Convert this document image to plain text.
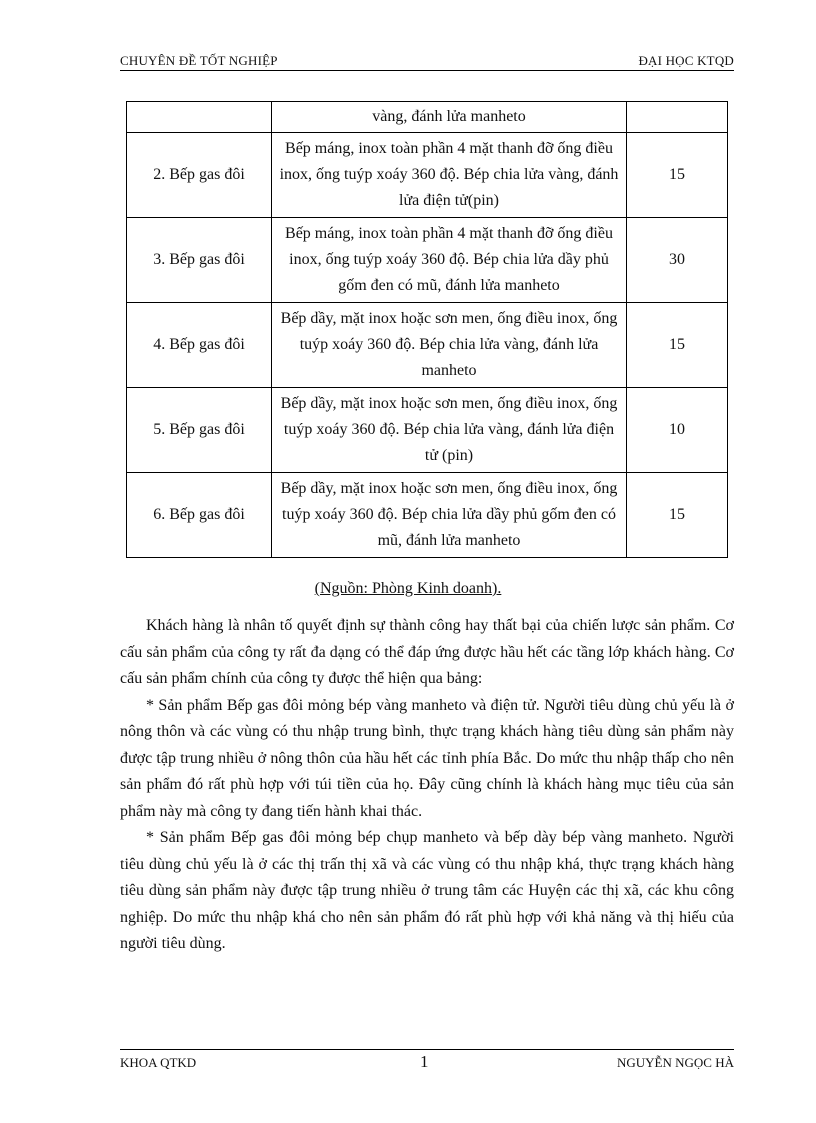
CHUYÊN ĐỀ TỐT NGHIỆP	ĐẠI HỌC KTQD
	vàng, đánh lửa manheto	
2. Bếp gas đôi	Bếp máng, inox toàn phần 4 mặt thanh đỡ ống điều inox, ống tuýp xoáy 360 độ. Bép chia lửa vàng, đánh lửa điện tử(pin)	15
3. Bếp gas đôi	Bếp máng, inox toàn phần 4 mặt thanh đỡ ống điều inox, ống tuýp xoáy 360 độ. Bép chia lửa dầy phủ gốm đen có mũ, đánh lửa manheto	30
4. Bếp gas đôi	Bếp dầy, mặt inox hoặc sơn men, ống điều inox, ống tuýp xoáy 360 độ. Bép chia lửa vàng, đánh lửa manheto	15
5. Bếp gas đôi	Bếp dầy, mặt inox hoặc sơn men, ống điều inox, ống tuýp xoáy 360 độ. Bép chia lửa vàng, đánh lửa điện tử (pin)	10
6. Bếp gas đôi	Bếp dầy, mặt inox hoặc sơn men, ống điều inox, ống tuýp xoáy 360 độ. Bép chia lửa dầy phủ gốm đen có mũ, đánh lửa manheto	15
(Nguồn: Phòng Kinh doanh).

Khách hàng là nhân tố quyết định sự thành công hay thất bại của chiến lược sản phẩm. Cơ cấu sản phẩm của công ty rất đa dạng có thể đáp ứng được hầu hết các tầng lớp khách hàng. Cơ cấu sản phẩm chính của công ty được thể hiện qua bảng:

* Sản phẩm Bếp gas đôi mỏng bép vàng manheto và điện tử. Người tiêu dùng chủ yếu là ở nông thôn và các vùng có thu nhập trung bình, thực trạng khách hàng tiêu dùng sản phẩm này được tập trung nhiều ở nông thôn của hầu hết các tỉnh phía Bắc. Do mức thu nhập thấp cho nên sản phẩm đó rất phù hợp với túi tiền của họ. Đây cũng chính là khách hàng mục tiêu của sản phẩm này mà công ty đang tiến hành khai thác.

* Sản phẩm Bếp gas đôi mỏng bép chụp manheto và bếp dày bép vàng manheto. Người tiêu dùng chủ yếu là ở các thị trấn thị xã và các vùng có thu nhập khá, thực trạng khách hàng tiêu dùng sản phẩm này được tập trung nhiều ở trung tâm các Huyện các thị xã, các khu công nghiệp. Do mức thu nhập khá cho nên sản phẩm đó rất phù hợp với khả năng và thị hiếu của người tiêu dùng.

KHOA QTKD	1	NGUYỄN NGỌC HÀ
